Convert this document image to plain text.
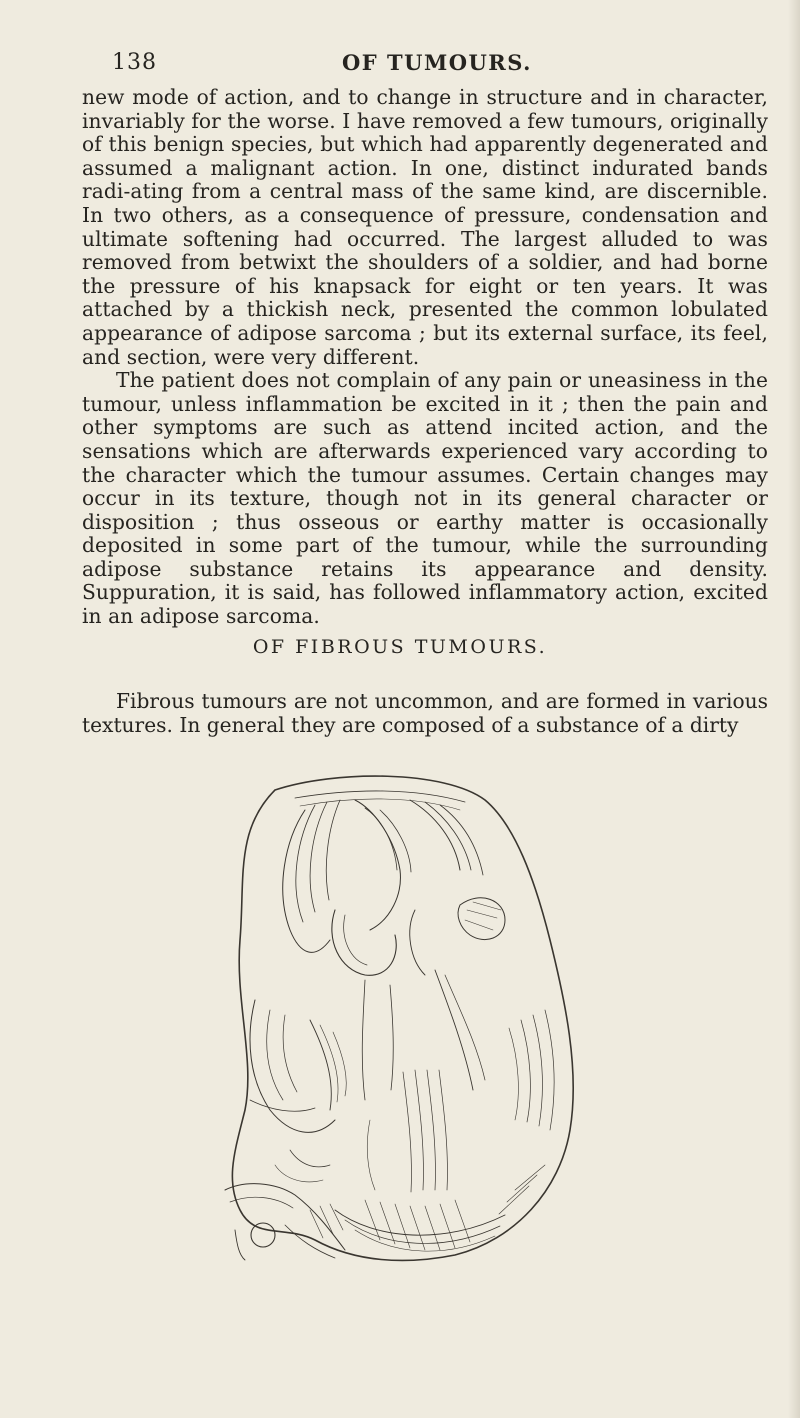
138	OF TUMOURS.

new mode of action, and to change in structure and in character, invariably for the worse. I have removed a few tumours, originally of this benign species, but which had apparently degenerated and assumed a malignant action. In one, distinct indurated bands radi-ating from a central mass of the same kind, are discernible. In two others, as a consequence of pressure, condensation and ultimate softening had occurred. The largest alluded to was removed from betwixt the shoulders of a soldier, and had borne the pressure of his knapsack for eight or ten years. It was attached by a thickish neck, presented the common lobulated appearance of adipose sarcoma ; but its external surface, its feel, and section, were very different.

The patient does not complain of any pain or uneasiness in the tumour, unless inflammation be excited in it ; then the pain and other symptoms are such as attend incited action, and the sensations which are afterwards experienced vary according to the character which the tumour assumes. Certain changes may occur in its texture, though not in its general character or disposition ; thus osseous or earthy matter is occasionally deposited in some part of the tumour, while the surrounding adipose substance retains its appearance and density. Suppuration, it is said, has followed inflammatory action, excited in an adipose sarcoma.

OF FIBROUS TUMOURS.
Fibrous tumours are not uncommon, and are formed in various textures. In general they are composed of a substance of a dirty
